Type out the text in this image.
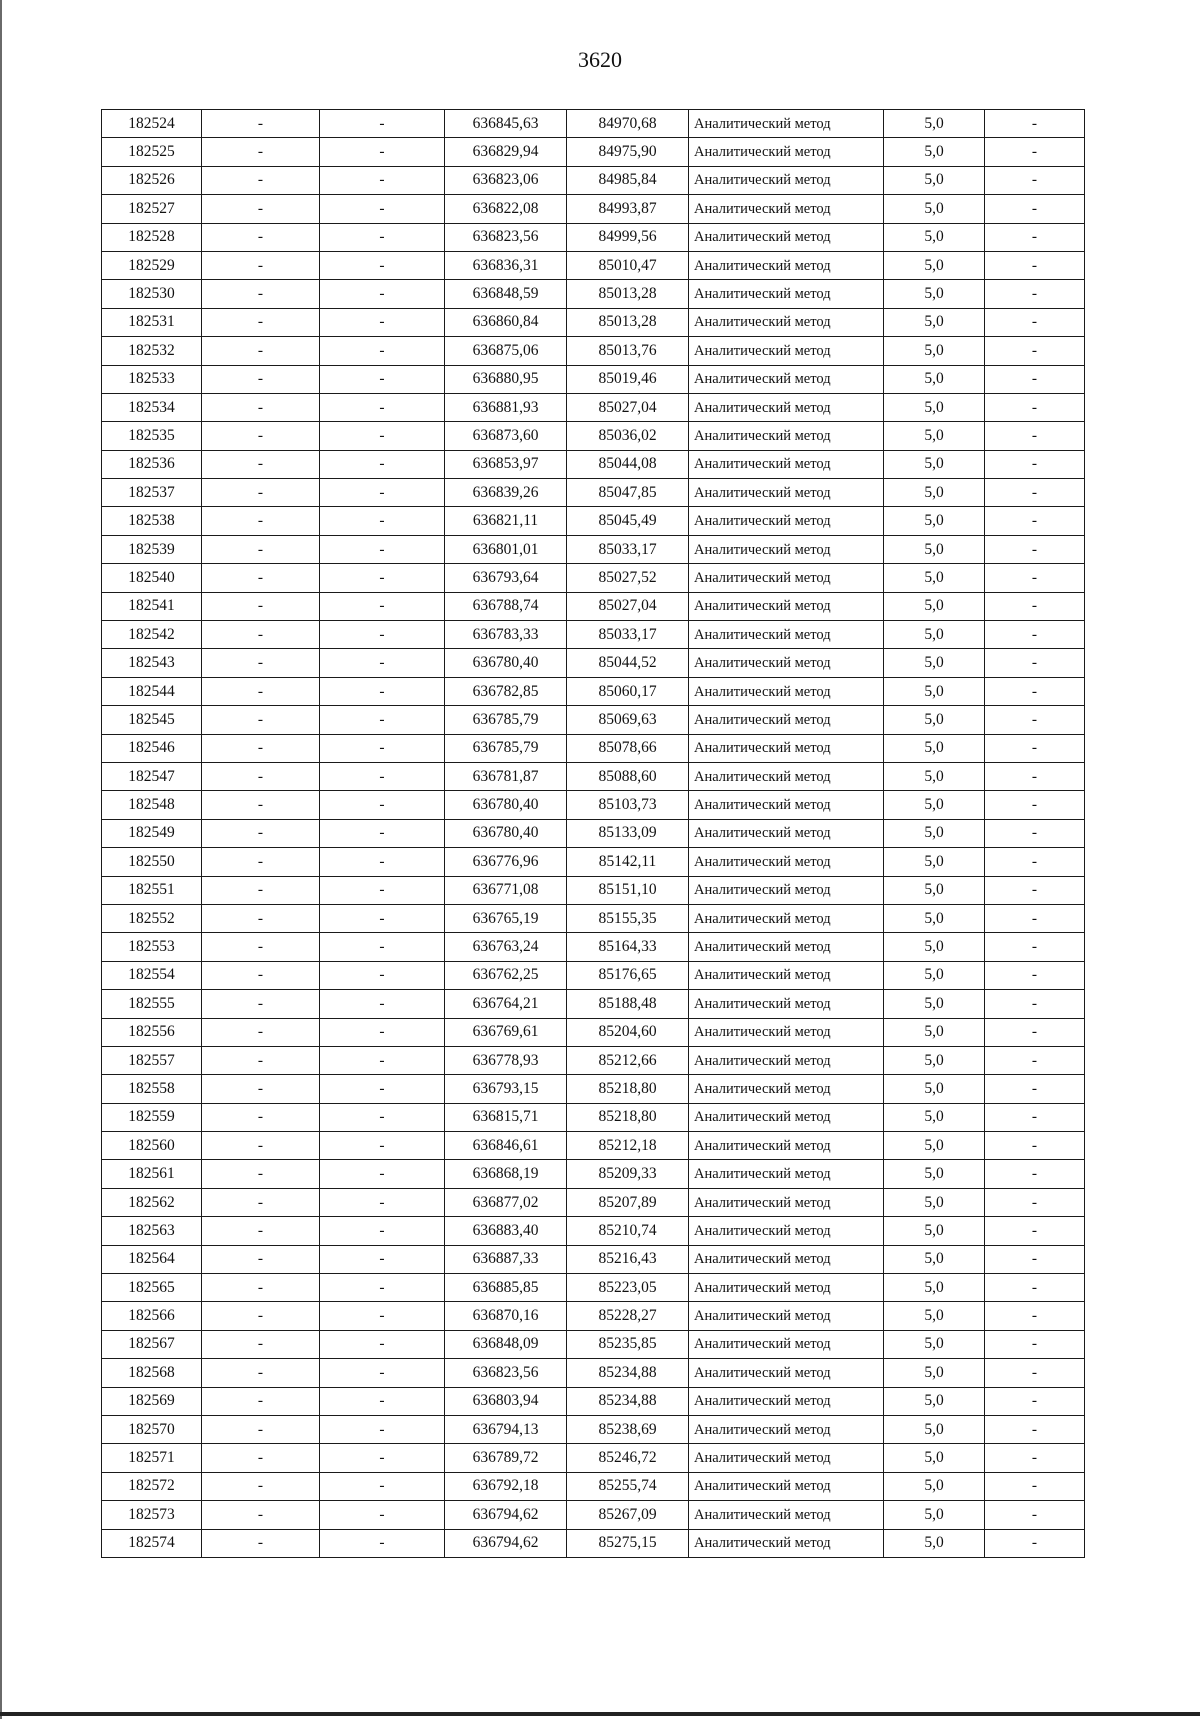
3620
182524	-	-	636845,63	84970,68	Аналитический метод	5,0	-
182525	-	-	636829,94	84975,90	Аналитический метод	5,0	-
182526	-	-	636823,06	84985,84	Аналитический метод	5,0	-
182527	-	-	636822,08	84993,87	Аналитический метод	5,0	-
182528	-	-	636823,56	84999,56	Аналитический метод	5,0	-
182529	-	-	636836,31	85010,47	Аналитический метод	5,0	-
182530	-	-	636848,59	85013,28	Аналитический метод	5,0	-
182531	-	-	636860,84	85013,28	Аналитический метод	5,0	-
182532	-	-	636875,06	85013,76	Аналитический метод	5,0	-
182533	-	-	636880,95	85019,46	Аналитический метод	5,0	-
182534	-	-	636881,93	85027,04	Аналитический метод	5,0	-
182535	-	-	636873,60	85036,02	Аналитический метод	5,0	-
182536	-	-	636853,97	85044,08	Аналитический метод	5,0	-
182537	-	-	636839,26	85047,85	Аналитический метод	5,0	-
182538	-	-	636821,11	85045,49	Аналитический метод	5,0	-
182539	-	-	636801,01	85033,17	Аналитический метод	5,0	-
182540	-	-	636793,64	85027,52	Аналитический метод	5,0	-
182541	-	-	636788,74	85027,04	Аналитический метод	5,0	-
182542	-	-	636783,33	85033,17	Аналитический метод	5,0	-
182543	-	-	636780,40	85044,52	Аналитический метод	5,0	-
182544	-	-	636782,85	85060,17	Аналитический метод	5,0	-
182545	-	-	636785,79	85069,63	Аналитический метод	5,0	-
182546	-	-	636785,79	85078,66	Аналитический метод	5,0	-
182547	-	-	636781,87	85088,60	Аналитический метод	5,0	-
182548	-	-	636780,40	85103,73	Аналитический метод	5,0	-
182549	-	-	636780,40	85133,09	Аналитический метод	5,0	-
182550	-	-	636776,96	85142,11	Аналитический метод	5,0	-
182551	-	-	636771,08	85151,10	Аналитический метод	5,0	-
182552	-	-	636765,19	85155,35	Аналитический метод	5,0	-
182553	-	-	636763,24	85164,33	Аналитический метод	5,0	-
182554	-	-	636762,25	85176,65	Аналитический метод	5,0	-
182555	-	-	636764,21	85188,48	Аналитический метод	5,0	-
182556	-	-	636769,61	85204,60	Аналитический метод	5,0	-
182557	-	-	636778,93	85212,66	Аналитический метод	5,0	-
182558	-	-	636793,15	85218,80	Аналитический метод	5,0	-
182559	-	-	636815,71	85218,80	Аналитический метод	5,0	-
182560	-	-	636846,61	85212,18	Аналитический метод	5,0	-
182561	-	-	636868,19	85209,33	Аналитический метод	5,0	-
182562	-	-	636877,02	85207,89	Аналитический метод	5,0	-
182563	-	-	636883,40	85210,74	Аналитический метод	5,0	-
182564	-	-	636887,33	85216,43	Аналитический метод	5,0	-
182565	-	-	636885,85	85223,05	Аналитический метод	5,0	-
182566	-	-	636870,16	85228,27	Аналитический метод	5,0	-
182567	-	-	636848,09	85235,85	Аналитический метод	5,0	-
182568	-	-	636823,56	85234,88	Аналитический метод	5,0	-
182569	-	-	636803,94	85234,88	Аналитический метод	5,0	-
182570	-	-	636794,13	85238,69	Аналитический метод	5,0	-
182571	-	-	636789,72	85246,72	Аналитический метод	5,0	-
182572	-	-	636792,18	85255,74	Аналитический метод	5,0	-
182573	-	-	636794,62	85267,09	Аналитический метод	5,0	-
182574	-	-	636794,62	85275,15	Аналитический метод	5,0	-
